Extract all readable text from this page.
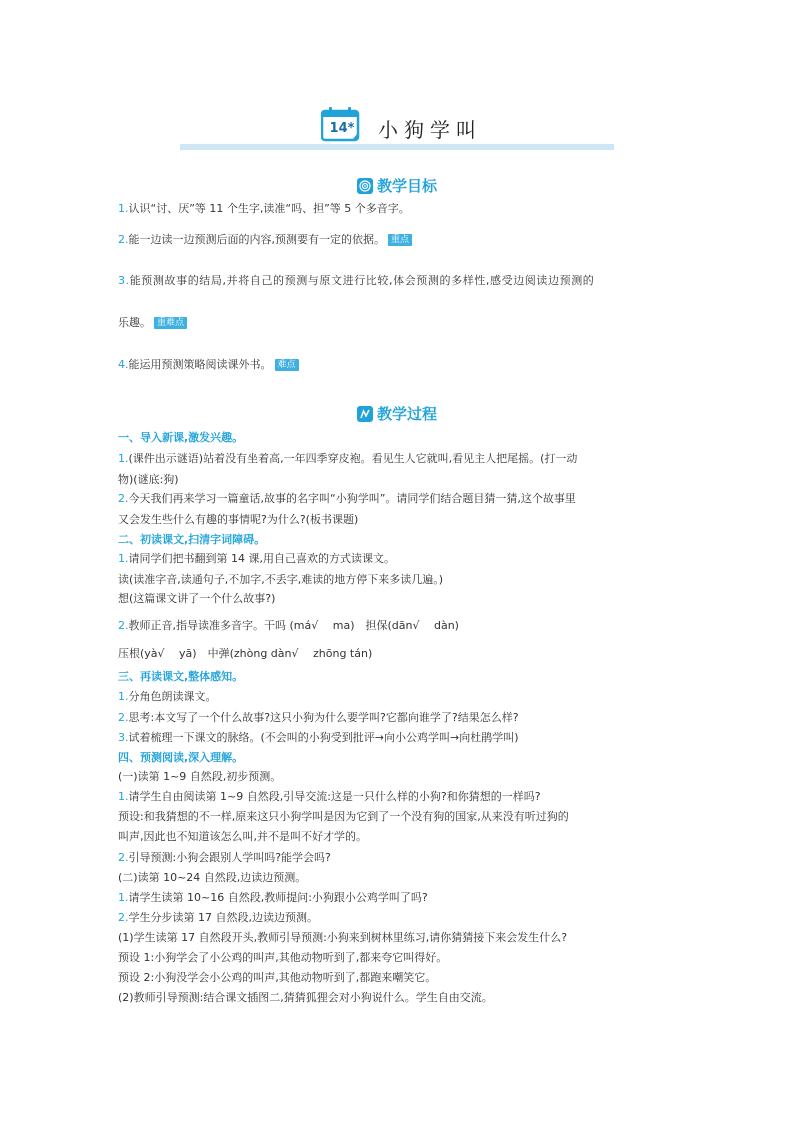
14* 小狗学叫
教学目标
1.认识“讨、厌”等 11 个生字,读准“吗、担”等 5 个多音字。
2.能一边读一边预测后面的内容,预测要有一定的依据。 重点
3.能预测故事的结局,并将自己的预测与原文进行比较,体会预测的多样性,感受边阅读边预测的
乐趣。 重难点
4.能运用预测策略阅读课外书。 难点
教学过程
一、导入新课,激发兴趣。
1.(课件出示谜语)站着没有坐着高,一年四季穿皮袍。看见生人它就叫,看见主人把尾摇。(打一动
物)(谜底:狗)
2.今天我们再来学习一篇童话,故事的名字叫“小狗学叫”。请同学们结合题目猜一猜,这个故事里
又会发生些什么有趣的事情呢?为什么?(板书课题)
二、初读课文,扫清字词障碍。
1.请同学们把书翻到第 14 课,用自己喜欢的方式读课文。
读(读准字音,读通句子,不加字,不丢字,难读的地方停下来多读几遍。)
想(这篇课文讲了一个什么故事?)
2.教师正音,指导读准多音字。干吗 (má√　 ma)　担保(dān√　 dàn)
压根(yà√　 yā)　中弹(zhòng dàn√　 zhōng tán)
三、再读课文,整体感知。
1.分角色朗读课文。
2.思考:本文写了一个什么故事?这只小狗为什么要学叫?它都向谁学了?结果怎么样?
3.试着梳理一下课文的脉络。(不会叫的小狗受到批评→向小公鸡学叫→向杜鹃学叫)
四、预测阅读,深入理解。
(一)读第 1~9 自然段,初步预测。
1.请学生自由阅读第 1~9 自然段,引导交流:这是一只什么样的小狗?和你猜想的一样吗?
预设:和我猜想的不一样,原来这只小狗学叫是因为它到了一个没有狗的国家,从来没有听过狗的
叫声,因此也不知道该怎么叫,并不是叫不好才学的。
2.引导预测:小狗会跟别人学叫吗?能学会吗?
(二)读第 10~24 自然段,边读边预测。
1.请学生读第 10~16 自然段,教师提问:小狗跟小公鸡学叫了吗?
2.学生分步读第 17 自然段,边读边预测。
(1)学生读第 17 自然段开头,教师引导预测:小狗来到树林里练习,请你猜猜接下来会发生什么?
预设 1:小狗学会了小公鸡的叫声,其他动物听到了,都来夸它叫得好。
预设 2:小狗没学会小公鸡的叫声,其他动物听到了,都跑来嘲笑它。
(2)教师引导预测:结合课文插图二,猜猜狐狸会对小狗说什么。学生自由交流。
